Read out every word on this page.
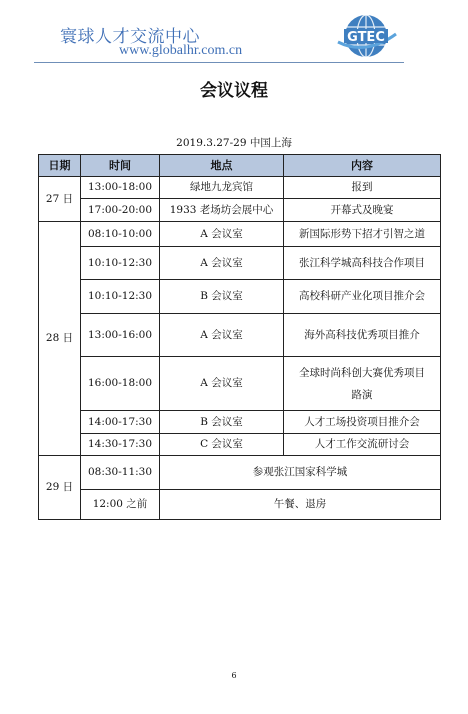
寰球人才交流中心
www.globalhr.com.cn
GTEC
会议议程
2019.3.27-29 中国上海
日期	时间	地点	内容
27 日	13:00-18:00	绿地九龙宾馆	报到
	17:00-20:00	1933 老场坊会展中心	开幕式及晚宴
28 日	08:10-10:00	A 会议室	新国际形势下招才引智之道
	10:10-12:30	A 会议室	张江科学城高科技合作项目
	10:10-12:30	B 会议室	高校科研产业化项目推介会
	13:00-16:00	A 会议室	海外高科技优秀项目推介
	16:00-18:00	A 会议室	全球时尚科创大赛优秀项目
路演

	14:00-17:30	B 会议室	人才工场投资项目推介会
	14:30-17:30	C 会议室	人才工作交流研讨会
29 日	08:30-11:30	参观张江国家科学城	
	12:00 之前	午餐、退房	
6
